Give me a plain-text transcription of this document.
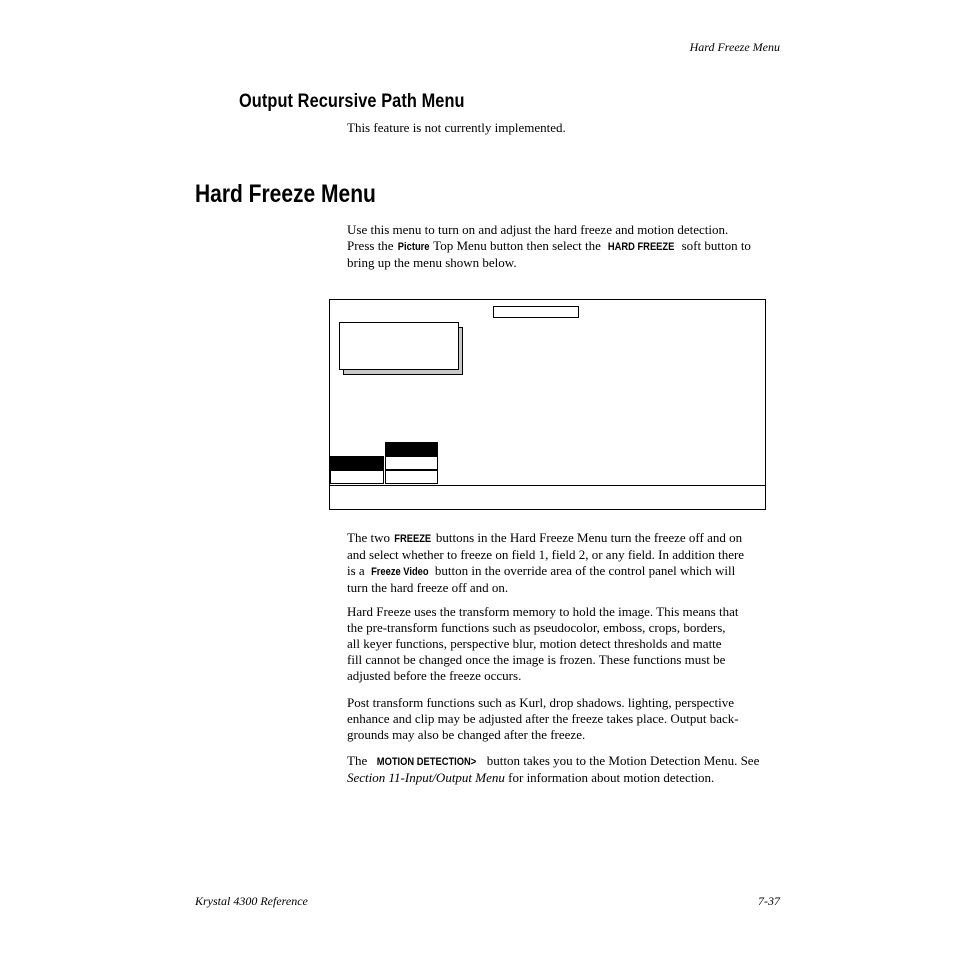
Hard Freeze Menu
Output Recursive Path Menu

This feature is not currently implemented.

Hard Freeze Menu

Use this menu to turn on and adjust the hard freeze and motion detection.
Press the Picture Top Menu button then select the HARD FREEZE soft button to
bring up the menu shown below.

The two FREEZE buttons in the Hard Freeze Menu turn the freeze off and on
and select whether to freeze on field 1, field 2, or any field. In addition there
is a Freeze Video button in the override area of the control panel which will
turn the hard freeze off and on.

Hard Freeze uses the transform memory to hold the image. This means that
the pre-transform functions such as pseudocolor, emboss, crops, borders,
all keyer functions, perspective blur, motion detect thresholds and matte
fill cannot be changed once the image is frozen. These functions must be
adjusted before the freeze occurs.

Post transform functions such as Kurl, drop shadows. lighting, perspective
enhance and clip may be adjusted after the freeze takes place. Output back-
grounds may also be changed after the freeze.

The MOTION DETECTION> button takes you to the Motion Detection Menu. See
Section 11-Input/Output Menu for information about motion detection.

Krystal 4300 Reference	7-37
